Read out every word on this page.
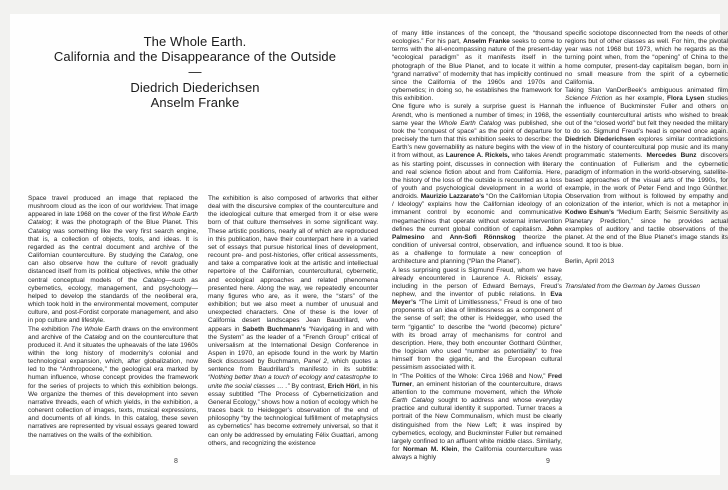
The Whole Earth.
California and the Disappearance of the Outside
—
Diedrich Diederichsen
Anselm Franke

Space travel produced an image that replaced the mushroom cloud as the icon of our worldview. That image appeared in late 1968 on the cover of the first Whole Earth Catalog; it was the photograph of the Blue Planet. This Catalog was something like the very first search engine, that is, a collection of objects, tools, and ideas. It is regarded as the central document and archive of the Californian counterculture. By studying the Catalog, one can also observe how the culture of revolt gradually distanced itself from its political objectives, while the other central conceptual models of the Catalog—such as cybernetics, ecology, management, and psychology—helped to develop the standards of the neoliberal era, which took hold in the environmental movement, computer culture, and post-Fordist corporate management, and also in pop culture and lifestyle.

The exhibition The Whole Earth draws on the environment and archive of the Catalog and on the counterculture that produced it. And it situates the upheavals of the late 1960s within the long history of modernity’s colonial and technological expansion, which, after globalization, now led to the “Anthropocene,” the geological era marked by human influence, whose concept provides the framework for the series of projects to which this exhibition belongs. We organize the themes of this development into seven narrative threads, each of which yields, in the exhibition, a coherent collection of images, texts, musical expressions, and documents of all kinds. In this catalog, these seven narratives are represented by visual essays geared toward the narratives on the walls of the exhibition.

The exhibition is also composed of artworks that either deal with the discursive complex of the counterculture and the ideological culture that emerged from it or else were born of that culture themselves in some significant way. These artistic positions, nearly all of which are reproduced in this publication, have their counterpart here in a varied set of essays that pursue historical lines of development, recount pre- and post-histories, offer critical assessments, and take a comparative look at the artistic and intellectual repertoire of the Californian, countercultural, cybernetic, and ecological approaches and related phenomena presented here. Along the way, we repeatedly encounter many figures who are, as it were, the “stars” of the exhibition; but we also meet a number of unusual and unexpected characters. One of these is the lover of California desert landscapes Jean Baudrillard, who appears in Sabeth Buchmann’s “Navigating in and with the System” as the leader of a “French Group” critical of universalism at the International Design Conference in Aspen in 1970, an episode found in the work by Martin Beck discussed by Buchmann, Panel 2, which quotes a sentence from Baudrillard’s manifesto in its subtitle: “Nothing better than a touch of ecology and catastrophe to unite the social classes … .” By contrast, Erich Hörl, in his essay subtitled “The Process of Cyberneticization and General Ecology,” shows how a notion of ecology which he traces back to Heidegger’s observation of the end of philosophy “by the technological fulfillment of metaphysics as cybernetics” has become extremely universal, so that it can only be addressed by emulating Félix Guattari, among others, and recognizing the existence

of many little instances of the concept, the “thousand ecologies.” For his part, Anselm Franke seeks to come to terms with the all-encompassing nature of the present-day “ecological paradigm” as it manifests itself in the photograph of the Blue Planet, and to locate it within a “grand narrative” of modernity that has implicitly continued since the California of the 1960s and 1970s and cybernetics; in doing so, he establishes the framework for this exhibition.

One figure who is surely a surprise guest is Hannah Arendt, who is mentioned a number of times; in 1968, the same year the Whole Earth Catalog was published, she took the “conquest of space” as the point of departure for precisely the turn that this exhibition seeks to describe: the Earth’s new governability as nature begins with the view of it from without, as Laurence A. Rickels, who takes Arendt as his starting point, discusses in connection with literary and real science fiction about and from California. Here, the history of the loss of the outside is recounted as a loss of youth and psychological development in a world of androids. Maurizio Lazzarato’s “On the Californian Utopia / Ideology” explains how the Californian ideology of an immanent control by economic and communicative megamachines that operate without external intervention defines the current global condition of capitalism. John Palmesino and Ann-Sofi Rönnskog theorize the condition of universal control, observation, and influence as a challenge to formulate a new conception of architecture and planning (“Plan the Planet”).

A less surprising guest is Sigmund Freud, whom we have already encountered in Laurence A. Rickels’ essay, including in the person of Edward Bernays, Freud’s nephew, and the inventor of public relations. In Eva Meyer’s “The Limit of Limitlessness,” Freud is one of two proponents of an idea of limitlessness as a component of the sense of self; the other is Heidegger, who used the term “gigantic” to describe the “world (become) picture” with its broad array of mechanisms for control and description. Here, they both encounter Gotthard Günther, the logician who used “number as potentiality” to free himself from the gigantic, and the European cultural pessimism associated with it.

In “The Politics of the Whole: Circa 1968 and Now,” Fred Turner, an eminent historian of the counterculture, draws attention to the commune movement, which the Whole Earth Catalog sought to address and whose everyday practice and cultural identity it supported. Turner traces a portrait of the New Communalism, which must be clearly distinguished from the New Left; it was inspired by cybernetics, ecology, and Buckminster Fuller but remained largely confined to an affluent white middle class. Similarly, for Norman M. Klein, the California counterculture was always a highly

specific sociotope disconnected from the needs of other regions but of other classes as well. For him, the pivotal year was not 1968 but 1973, which he regards as the turning point when, from the “opening” of China to the home computer, present-day capitalism began, born in no small measure from the spirit of a cybernetic California.

Taking Stan VanDerBeek’s ambiguous animated film Science Friction as her example, Flora Lysen studies the influence of Buckminster Fuller and others on essentially countercultural artists who wished to break out of the “closed world” but felt they needed the military to do so. Sigmund Freud’s head is opened once again. Diedrich Diederichsen explores similar contradictions in the history of countercultural pop music and its many programmatic statements. Mercedes Bunz discovers the continuation of Fullerism and the cybernetic paradigm of information in the world-observing, satellite-based approaches of the visual arts of the 1990s, for example, in the work of Peter Fend and Ingo Günther. Observation from without is followed by empathy and colonization of the interior, which is not a metaphor in Kodwo Eshun’s “Medium Earth; Seismic Sensitivity as Planetary Prediction,” since he provides actual examples of auditory and tactile observations of the planet. At the end of the Blue Planet’s image stands its sound. It too is blue.

Berlin, April 2013

Translated from the German by James Gussen

8	9
